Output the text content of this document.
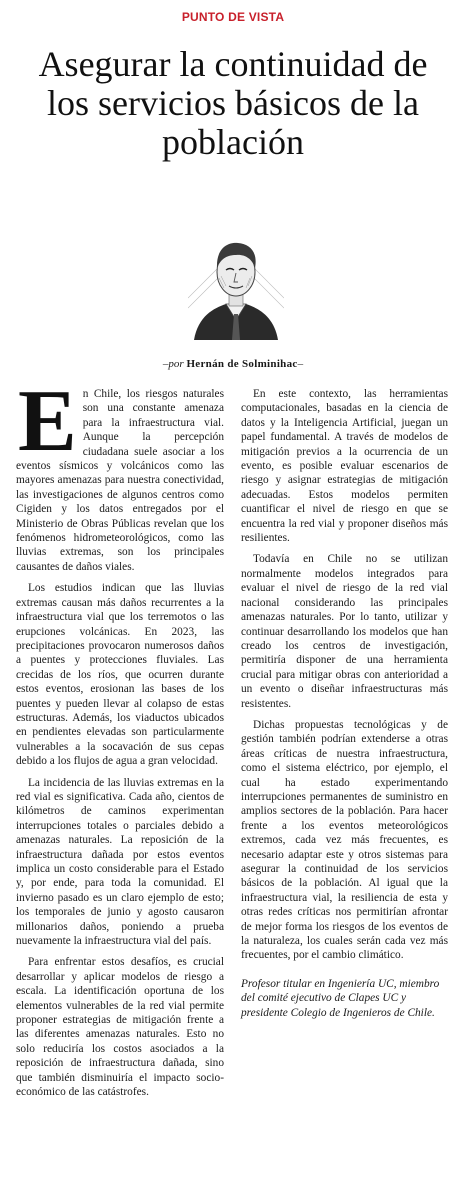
PUNTO DE VISTA
Asegurar la continuidad de los servicios básicos de la población
–por Hernán de Solminihac–

En Chile, los riesgos naturales son una constante amenaza para la infraestructura vial. Aunque la percepción ciudadana suele asociar a los eventos sísmicos y volcánicos como las mayores amenazas para nuestra conectividad, las investigaciones de algunos centros como Cigiden y los datos entregados por el Ministerio de Obras Públicas revelan que los fenómenos hidrometeorológicos, como las lluvias extremas, son los principales causantes de daños viales.

Los estudios indican que las lluvias extremas causan más daños recurrentes a la infraestructura vial que los terremotos o las erupciones volcánicas. En 2023, las precipitaciones provocaron numerosos daños a puentes y protecciones fluviales. Las crecidas de los ríos, que ocurren durante estos eventos, erosionan las bases de los puentes y pueden llevar al colapso de estas estructuras. Además, los viaductos ubicados en pendientes elevadas son particularmente vulnerables a la socavación de sus cepas debido a los flujos de agua a gran velocidad.

La incidencia de las lluvias extremas en la red vial es significativa. Cada año, cientos de kilómetros de caminos experimentan interrupciones totales o parciales debido a amenazas naturales. La reposición de la infraestructura dañada por estos eventos implica un costo considerable para el Estado y, por ende, para toda la comunidad. El invierno pasado es un claro ejemplo de esto; los temporales de junio y agosto causaron millonarios daños, poniendo a prueba nuevamente la infraestructura vial del país.

Para enfrentar estos desafíos, es crucial desarrollar y aplicar modelos de riesgo a escala. La identificación oportuna de los elementos vulnerables de la red vial permite proponer estrategias de mitigación frente a las diferentes amenazas naturales. Esto no solo reduciría los costos asociados a la reposición de infraestructura dañada, sino que también disminuiría el impacto socio-económico de las catástrofes.

En este contexto, las herramientas computacionales, basadas en la ciencia de datos y la Inteligencia Artificial, juegan un papel fundamental. A través de modelos de mitigación previos a la ocurrencia de un evento, es posible evaluar escenarios de riesgo y asignar estrategias de mitigación adecuadas. Estos modelos permiten cuantificar el nivel de riesgo en que se encuentra la red vial y proponer diseños más resilientes.

Todavía en Chile no se utilizan normalmente modelos integrados para evaluar el nivel de riesgo de la red vial nacional considerando las principales amenazas naturales. Por lo tanto, utilizar y continuar desarrollando los modelos que han creado los centros de investigación, permitiría disponer de una herramienta crucial para mitigar obras con anterioridad a un evento o diseñar infraestructuras más resistentes.

Dichas propuestas tecnológicas y de gestión también podrían extenderse a otras áreas críticas de nuestra infraestructura, como el sistema eléctrico, por ejemplo, el cual ha estado experimentando interrupciones permanentes de suministro en amplios sectores de la población. Para hacer frente a los eventos meteorológicos extremos, cada vez más frecuentes, es necesario adaptar este y otros sistemas para asegurar la continuidad de los servicios básicos de la población. Al igual que la infraestructura vial, la resiliencia de esta y otras redes críticas nos permitirían afrontar de mejor forma los riesgos de los eventos de la naturaleza, los cuales serán cada vez más frecuentes, por el cambio climático.

Profesor titular en Ingeniería UC, miembro del comité ejecutivo de Clapes UC y presidente Colegio de Ingenieros de Chile.
